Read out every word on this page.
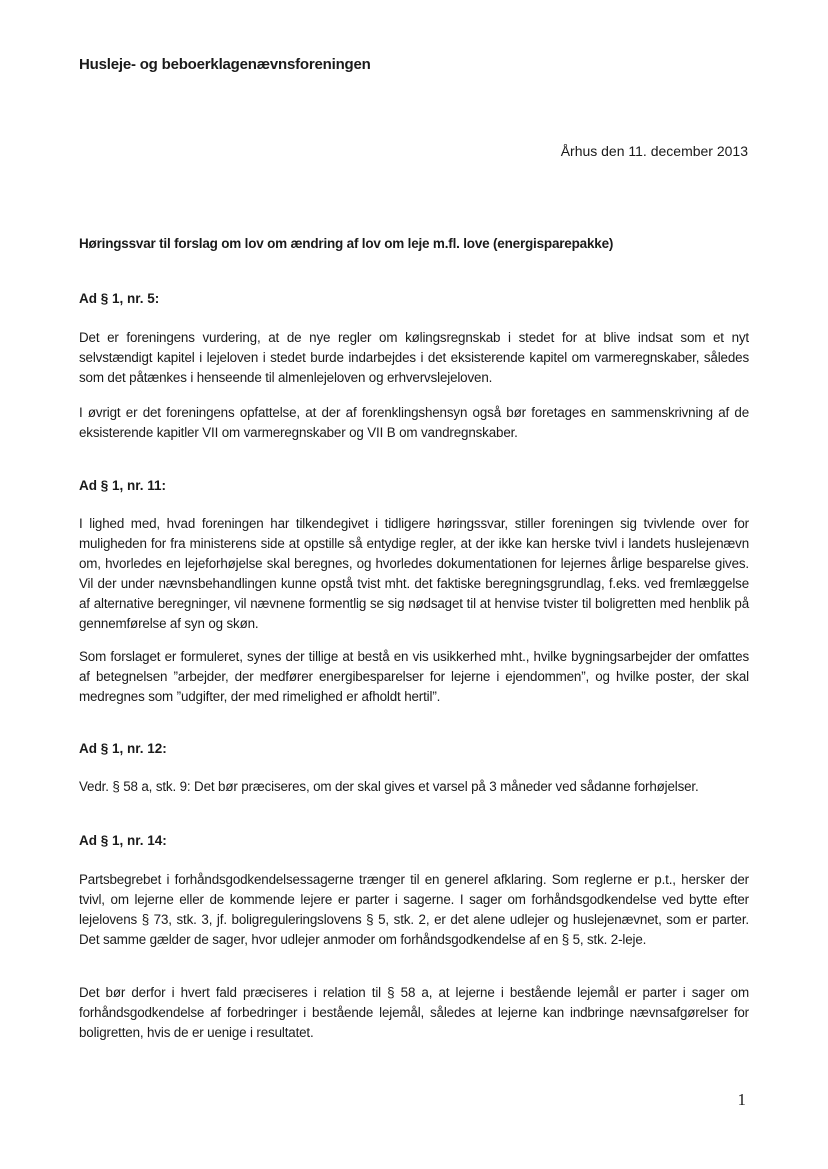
Husleje- og beboerklagenævnsforeningen
Århus den 11. december 2013
Høringssvar til forslag om lov om ændring af lov om leje m.fl. love (energisparepakke)
Ad § 1, nr. 5:
Det er foreningens vurdering, at de nye regler om kølingsregnskab i stedet for at blive indsat som et nyt selvstændigt kapitel i lejeloven i stedet burde indarbejdes i det eksisterende kapitel om varmeregnskaber, således som det påtænkes i henseende til almenlejeloven og erhvervslejeloven.
I øvrigt er det foreningens opfattelse, at der af forenklingshensyn også bør foretages en sammenskrivning af de eksisterende kapitler VII om varmeregnskaber og VII B om vandregnskaber.
Ad § 1, nr. 11:
I lighed med, hvad foreningen har tilkendegivet i tidligere høringssvar, stiller foreningen sig tvivlende over for muligheden for fra ministerens side at opstille så entydige regler, at der ikke kan herske tvivl i landets huslejenævn om, hvorledes en lejeforhøjelse skal beregnes, og hvorledes dokumentationen for lejernes årlige besparelse gives. Vil der under nævnsbehandlingen kunne opstå tvist mht. det faktiske beregningsgrundlag, f.eks. ved fremlæggelse af alternative beregninger, vil nævnene formentlig se sig nødsaget til at henvise tvister til boligretten med henblik på gennemførelse af syn og skøn.
Som forslaget er formuleret, synes der tillige at bestå en vis usikkerhed mht., hvilke bygningsarbejder der omfattes af betegnelsen ”arbejder, der medfører energibesparelser for lejerne i ejendommen”, og hvilke poster, der skal medregnes som ”udgifter, der med rimelighed er afholdt hertil”.
Ad § 1, nr. 12:
Vedr. § 58 a, stk. 9: Det bør præciseres, om der skal gives et varsel på 3 måneder ved sådanne forhøjelser.
Ad § 1, nr. 14:
Partsbegrebet i forhåndsgodkendelsessagerne trænger til en generel afklaring. Som reglerne er p.t., hersker der tvivl, om lejerne eller de kommende lejere er parter i sagerne. I sager om forhåndsgodkendelse ved bytte efter lejelovens § 73, stk. 3, jf. boligreguleringslovens § 5, stk. 2, er det alene udlejer og huslejenævnet, som er parter. Det samme gælder de sager, hvor udlejer anmoder om forhåndsgodkendelse af en § 5, stk. 2-leje.
Det bør derfor i hvert fald præciseres i relation til § 58 a, at lejerne i bestående lejemål er parter i sager om forhåndsgodkendelse af forbedringer i bestående lejemål, således at lejerne kan indbringe nævnsafgørelser for boligretten, hvis de er uenige i resultatet.
1
